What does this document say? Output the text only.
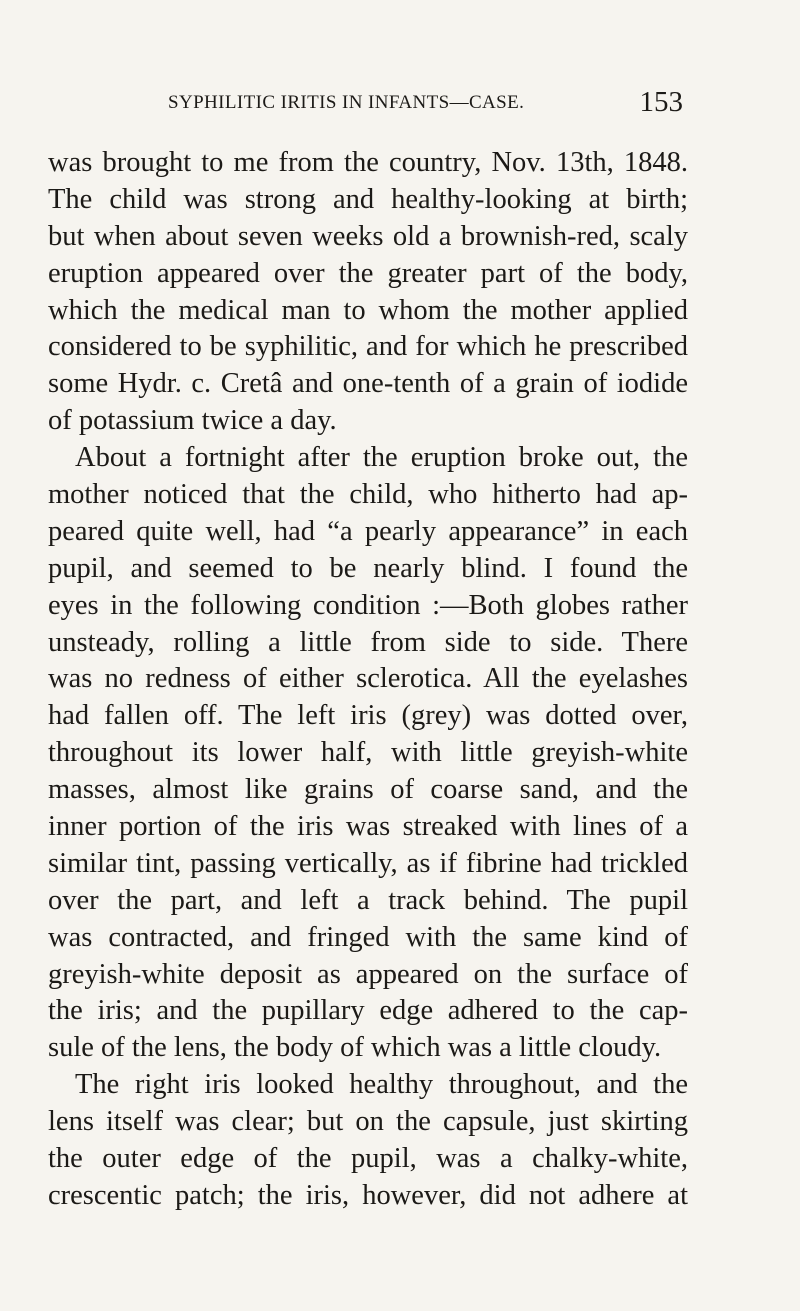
SYPHILITIC IRITIS IN INFANTS—CASE.	153
was brought to me from the country, Nov. 13th, 1848.
The child was strong and healthy-looking at birth;
but when about seven weeks old a brownish-red, scaly
eruption appeared over the greater part of the body,
which the medical man to whom the mother applied
considered to be syphilitic, and for which he prescribed
some Hydr. c. Cretâ and one-tenth of a grain of iodide
of potassium twice a day.
About a fortnight after the eruption broke out, the
mother noticed that the child, who hitherto had ap-
peared quite well, had “a pearly appearance” in each
pupil, and seemed to be nearly blind. I found the
eyes in the following condition :—Both globes rather
unsteady, rolling a little from side to side. There
was no redness of either sclerotica. All the eyelashes
had fallen off. The left iris (grey) was dotted over,
throughout its lower half, with little greyish-white
masses, almost like grains of coarse sand, and the
inner portion of the iris was streaked with lines of a
similar tint, passing vertically, as if fibrine had trickled
over the part, and left a track behind. The pupil
was contracted, and fringed with the same kind of
greyish-white deposit as appeared on the surface of
the iris; and the pupillary edge adhered to the cap-
sule of the lens, the body of which was a little cloudy.
The right iris looked healthy throughout, and the
lens itself was clear; but on the capsule, just skirting
the outer edge of the pupil, was a chalky-white,
crescentic patch; the iris, however, did not adhere at
